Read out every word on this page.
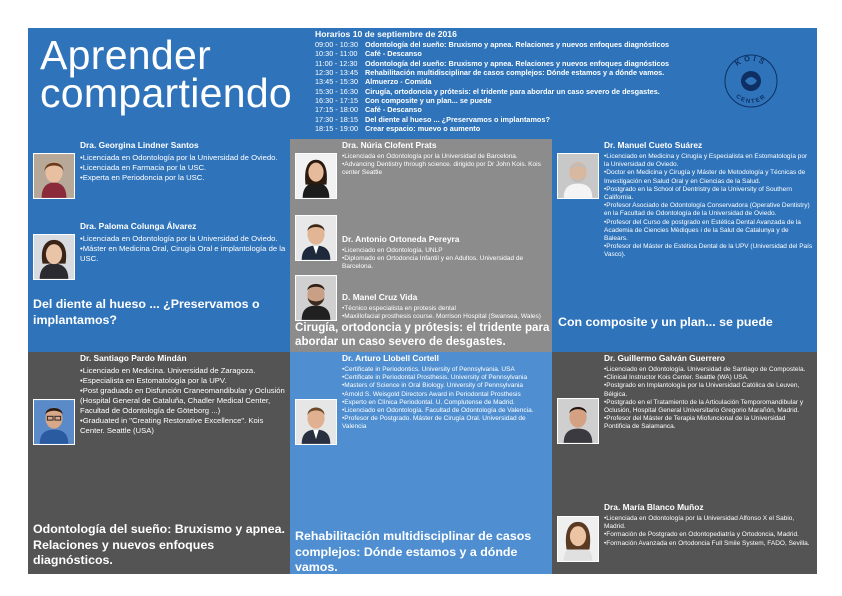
Aprender
compartiendo
Horarios 10 de septiembre de 2016
09:00 - 10:30 Odontología del sueño: Bruxismo y apnea. Relaciones y nuevos enfoques diagnósticos
10:30 - 11:00 Café - Descanso
11:00 - 12:30 Odontología del sueño: Bruxismo y apnea. Relaciones y nuevos enfoques diagnósticos
12:30 - 13:45 Rehabilitación multidisciplinar de casos complejos: Dónde estamos y a dónde vamos.
13:45 - 15:30 Almuerzo - Comida
15:30 - 16:30 Cirugía, ortodoncia y prótesis: el tridente para abordar un caso severo de desgastes.
16:30 - 17:15 Con composite y un plan... se puede
17:15 - 18:00 Café - Descanso
17:30 - 18:15 Del diente al hueso ... ¿Preservamos o implantamos?
18:15 - 19:00 Crear espacio: muevo o aumento
KOIS
CENTER
Dra. Georgina Lindner Santos
• Licenciada en Odontología por la Universidad de Oviedo.
• Licenciada en Farmacia por la USC.
• Experta en Periodoncia por la USC.
Dra. Paloma Colunga Álvarez
• Licenciada en Odontología por la Universidad de Oviedo.
• Máster en Medicina Oral, Cirugía Oral e implantología de la USC.
Del diente al hueso ... ¿Preservamos o implantamos?
Dra. Núria Clofent Prats
• Licenciada en Odontología por la Universidad de Barcelona.
• Advancing Dentistry through science. dirigido por Dr John Kois. Kois center Seattle
Dr. Antonio Ortoneda Pereyra
• Licenciado en Odontología. UNLP
• Diplomado en Ortodoncia Infantil y en Adultos. Universidad de Barcelona.
D. Manel Cruz Vida
• Técnico especialista en protesis dental
• Maxillofacial prosthesis course. Morrison Hospital (Swansea, Wales)
Cirugía, ortodoncia y prótesis: el tridente para abordar un caso severo de desgastes.
Dr. Manuel Cueto Suárez
• Licenciado en Medicina y Cirugía y Especialista en Estomatología por la Universidad de Oviedo.
• Doctor en Medicina y Cirugía y Máster de Metodología y Técnicas de Investigación en Salud Oral y en Ciencias de la Salud.
• Postgrado en la School of Dentristry de la University of Southern California.
• Profesor Asociado de Odontología Conservadora (Operative Dentistry) en la Facultad de Odontología de la Universidad de Oviedo.
• Profesor del Curso de postgrado en Estética Dental Avanzada de la Academia de Ciencies Mèdiques i de la Salut de Catalunya y de Balears.
• Profesor del Máster de Estética Dental de la UPV (Universidad del País Vasco).
Con composite y un plan... se puede
Dr. Santiago Pardo Mindán
• Licenciado en Medicina. Universidad de Zaragoza.
• Especialista en Estomatología por la UPV.
• Post graduado en Disfunción Craneomandibular y Oclusión (Hospital General de Cataluña, Chadler Medical Center, Facultad de Odontología de Göteborg ...)
• Graduated in "Creating Restorative Excellence". Kois Center. Seattle (USA)
Odontología del sueño: Bruxismo y apnea. Relaciones y nuevos enfoques diagnósticos.
Dr. Arturo Llobell Cortell
• Certificate in Periodontics. University of Pennsylvania. USA
• Certificate in Periodontal Prosthesis. University of Pennsylvania
• Masters of Science in Oral Biology. University of Pennsylvania
• Arnold S. Weisgold Directors Award in Periodontal Prosthesis
• Experto en Clínica Periodontal. U. Complutense de Madrid.
• Licenciado en Odontología. Facultad de Odontología de Valencia.
• Profesor de Postgrado. Máster de Cirugía Oral. Universidad de Valencia
Rehabilitación multidisciplinar de casos complejos: Dónde estamos y a dónde vamos.
Dr. Guillermo Galván Guerrero
• Licenciado en Odontología. Universidad de Santiago de Compostela.
• Clinical Instructor Kois Center. Seattle (WA) USA.
• Postgrado en Implantología por la Universidad Católica de Leuven, Bélgica.
• Postgrado en el Tratamiento de la Articulación Temporomandibular y Oclusión, Hospital General Universitario Gregorio Marañón, Madrid.
• Profesor del Máster de Terapia Miofuncional de la Universidad Pontificia de Salamanca.
Dra. María Blanco Muñoz
• Licenciada en Odontología por la Universidad Alfonso X el Sabio, Madrid.
• Formación de Postgrado en Odontopediatría y Ortodoncia, Madrid.
• Formación Avanzada en Ortodoncia Full Smile System, FADO, Sevilla.
Crear espacio: muevo o aumento
